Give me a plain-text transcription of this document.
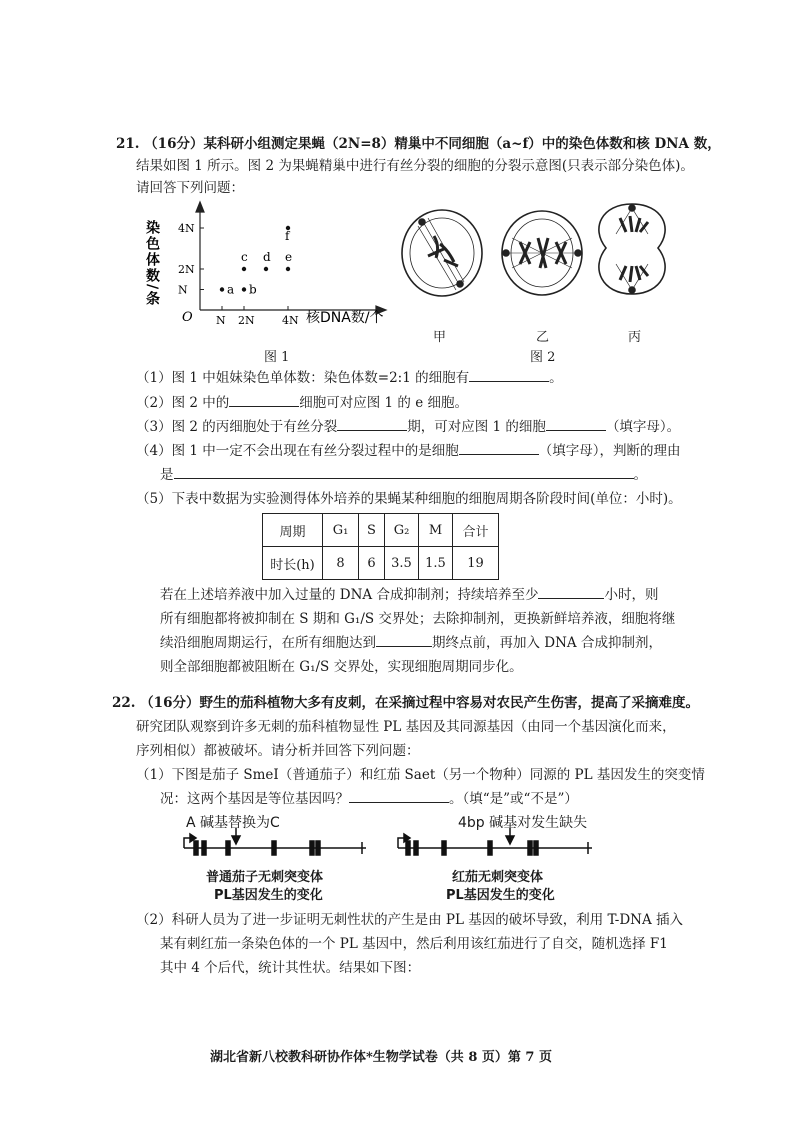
21. （16分）某科研小组测定果蝇（2N=8）精巢中不同细胞（a~f）中的染色体数和核 DNA 数，
结果如图 1 所示。图 2 为果蝇精巢中进行有丝分裂的细胞的分裂示意图(只表示部分染色体)。
请回答下列问题：
染色体数/条
O	核DNA数/个
4N
2N
N
N 2N 4N
a b
c d e
f
图 1
甲	乙	丙
图 2
（1）图 1 中姐妹染色单体数：染色体数=2:1 的细胞有	。
（2）图 2 中的	细胞可对应图 1 的 e 细胞。
（3）图 2 的丙细胞处于有丝分裂	期，可对应图 1 的细胞	（填字母）。
（4）图 1 中一定不会出现在有丝分裂过程中的是细胞	（填字母），判断的理由
是	。
（5）下表中数据为实验测得体外培养的果蝇某种细胞的细胞周期各阶段时间(单位：小时)。
周期	G₁	S	G₂	M	合计
时长(h)	8	6	3.5	1.5	19
若在上述培养液中加入过量的 DNA 合成抑制剂；持续培养至少	小时，则
所有细胞都将被抑制在 S 期和 G₁/S 交界处；去除抑制剂，更换新鲜培养液，细胞将继
续沿细胞周期运行，在所有细胞达到	期终点前，再加入 DNA 合成抑制剂，
则全部细胞都被阻断在 G₁/S 交界处，实现细胞周期同步化。
22. （16分）野生的茄科植物大多有皮刺，在采摘过程中容易对农民产生伤害，提高了采摘难度。
研究团队观察到许多无刺的茄科植物显性 PL 基因及其同源基因（由同一个基因演化而来，
序列相似）都被破坏。请分析并回答下列问题：
（1）下图是茄子 SmeI（普通茄子）和红茄 Saet（另一个物种）同源的 PL 基因发生的突变情
况：这两个基因是等位基因吗？	。（填“是”或“不是”）
A 碱基替换为C	4bp 碱基对发生缺失
普通茄子无刺突变体
PL基因发生的变化
红茄无刺突变体
PL基因发生的变化
（2）科研人员为了进一步证明无刺性状的产生是由 PL 基因的破坏导致，利用 T-DNA 插入
某有刺红茄一条染色体的一个 PL 基因中，然后利用该红茄进行了自交，随机选择 F1
其中 4 个后代，统计其性状。结果如下图：
湖北省新八校教科研协作体*生物学试卷（共 8 页）第 7 页
